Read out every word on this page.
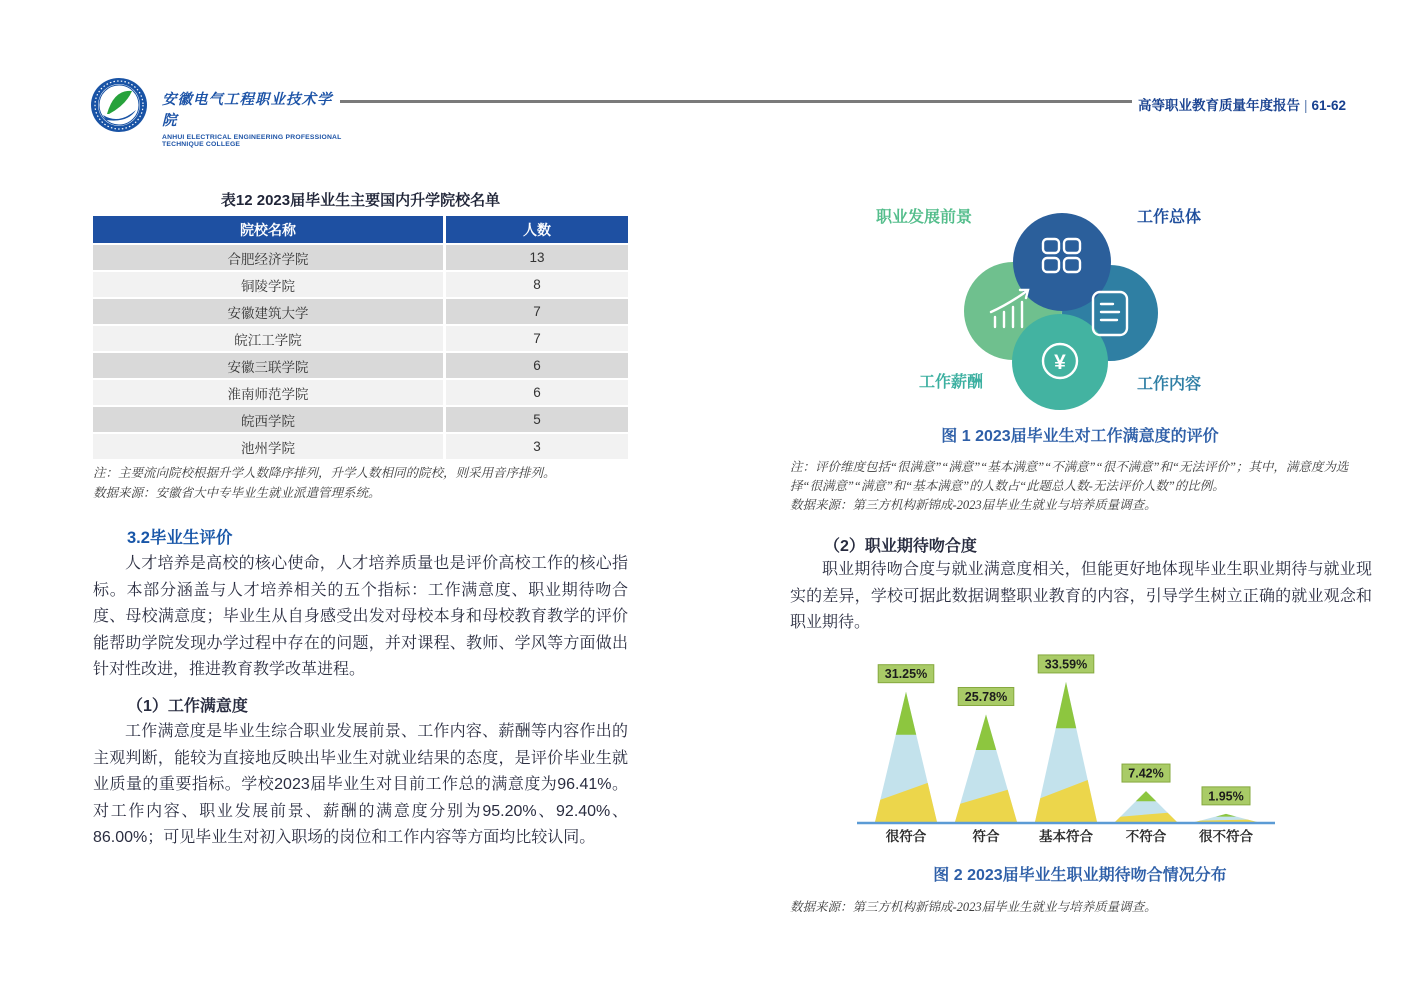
安徽电气工程职业技术学院
ANHUI ELECTRICAL ENGINEERING PROFESSIONAL TECHNIQUE COLLEGE
高等职业教育质量年度报告 | 61-62
表12 2023届毕业生主要国内升学院校名单
院校名称	人数
合肥经济学院	13
铜陵学院	8
安徽建筑大学	7
皖江工学院	7
安徽三联学院	6
淮南师范学院	6
皖西学院	5
池州学院	3
注：主要流向院校根据升学人数降序排列，升学人数相同的院校，则采用音序排列。
数据来源：安徽省大中专毕业生就业派遣管理系统。
3.2毕业生评价
人才培养是高校的核心使命，人才培养质量也是评价高校工作的核心指标。本部分涵盖与人才培养相关的五个指标：工作满意度、职业期待吻合度、母校满意度；毕业生从自身感受出发对母校本身和母校教育教学的评价能帮助学院发现办学过程中存在的问题，并对课程、教师、学风等方面做出针对性改进，推进教育教学改革进程。
（1）工作满意度
工作满意度是毕业生综合职业发展前景、工作内容、薪酬等内容作出的主观判断，能较为直接地反映出毕业生对就业结果的态度，是评价毕业生就业质量的重要指标。学校2023届毕业生对目前工作总的满意度为96.41%。对工作内容、职业发展前景、薪酬的满意度分别为95.20%、92.40%、86.00%；可见毕业生对初入职场的岗位和工作内容等方面均比较认同。
¥
职业发展前景	工作总体
工作薪酬	工作内容
图 1 2023届毕业生对工作满意度的评价
注：评价维度包括“很满意”“满意”“基本满意”“不满意”“很不满意”和“无法评价”；其中，满意度为选择“很满意”“满意”和“基本满意”的人数占“此题总人数-无法评价人数”的比例。
数据来源：第三方机构新锦成-2023届毕业生就业与培养质量调查。
（2）职业期待吻合度
职业期待吻合度与就业满意度相关，但能更好地体现毕业生职业期待与就业现实的差异，学校可据此数据调整职业教育的内容，引导学生树立正确的就业观念和职业期待。
31.25%
很符合
25.78%
符合
33.59%
基本符合
7.42%
不符合
1.95%
很不符合
图 2 2023届毕业生职业期待吻合情况分布
数据来源：第三方机构新锦成-2023届毕业生就业与培养质量调查。
